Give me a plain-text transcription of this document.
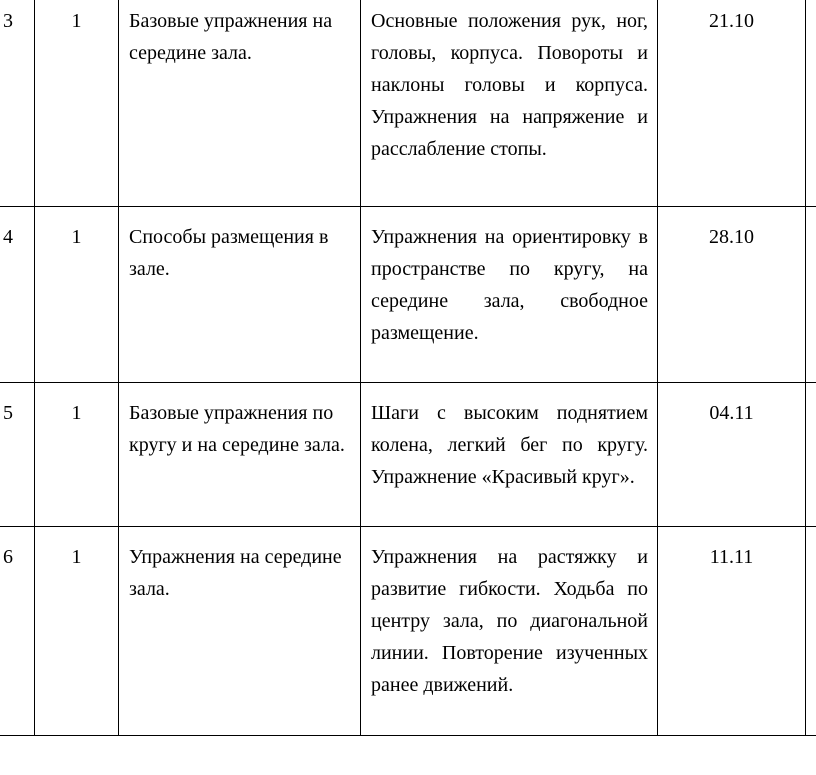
3	1	Базовые упражнения на середине зала.	Основные положения рук, ног, головы, корпуса. Повороты и наклоны головы и корпуса. Упражнения на напряжение и расслабление стопы.	21.10	

4	1	Способы размещения в зале.	Упражнения на ориентировку в пространстве по кругу, на середине зала, свободное размещение.	28.10	

5	1	Базовые упражнения по кругу и на середине зала.	Шаги с высоким поднятием колена, легкий бег по кругу. Упражнение «Красивый круг».	04.11	

6	1	Упражнения на середине зала.	Упражнения на растяжку и развитие гибкости. Ходьба по центру зала, по диагональной линии. Повторение изученных ранее движений.	11.11	
